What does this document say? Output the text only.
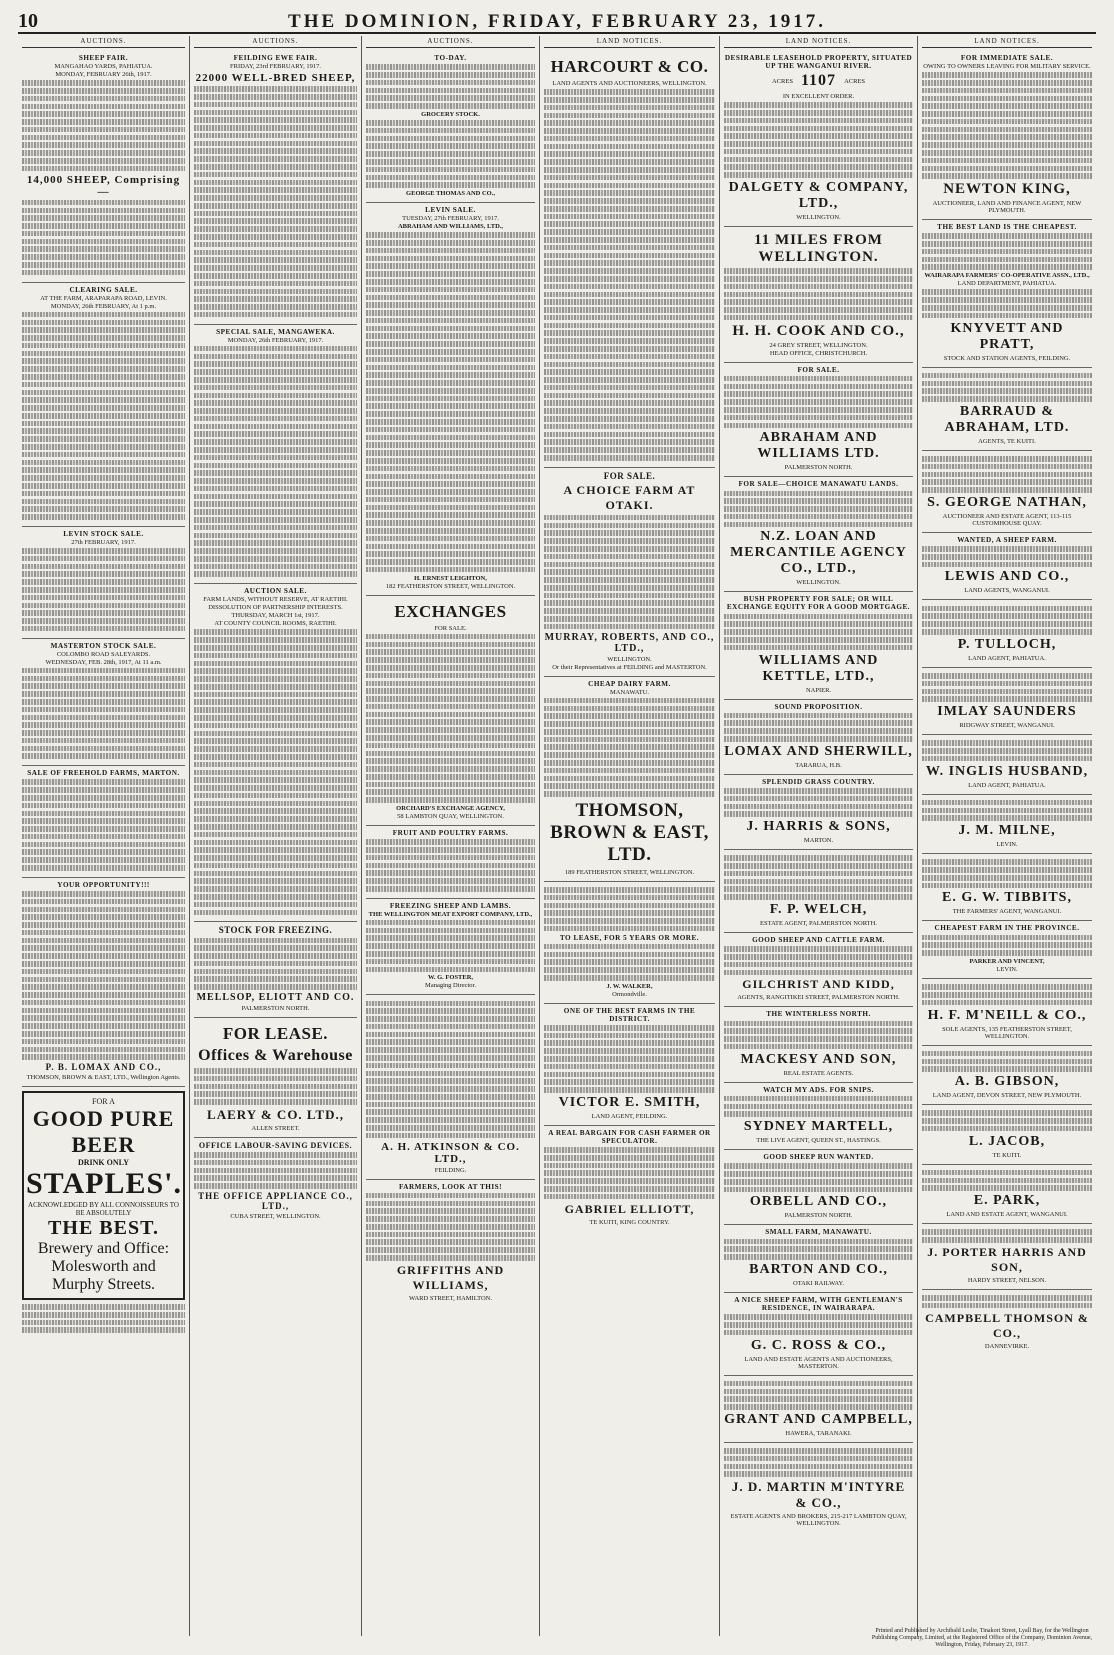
10	THE DOMINION, FRIDAY, FEBRUARY 23, 1917.
AUCTIONS.
SHEEP FAIR.
MANGAHAO YARDS, PAHIATUA.
MONDAY, FEBRUARY 26th, 1917.
14,000 SHEEP, Comprising—
CLEARING SALE.
AT THE FARM, ARAPARAPA ROAD, LEVIN.
MONDAY, 26th FEBRUARY, At 1 p.m.
LEVIN STOCK SALE.
27th FEBRUARY, 1917.
MASTERTON STOCK SALE.
COLOMBO ROAD SALEYARDS.
WEDNESDAY, FEB. 28th, 1917, At 11 a.m.
SALE OF FREEHOLD FARMS, MARTON.
YOUR OPPORTUNITY!!!
P. B. LOMAX AND CO.,
THOMSON, BROWN & EAST, LTD., Wellington Agents.
FOR A
GOOD PURE BEER
DRINK ONLY
STAPLES'.
ACKNOWLEDGED BY ALL CONNOISSEURS TO BE ABSOLUTELY
THE BEST.
Brewery and Office: Molesworth and Murphy Streets.
AUCTIONS.
FEILDING EWE FAIR.
FRIDAY, 23rd FEBRUARY, 1917.
22000 WELL-BRED SHEEP,
SPECIAL SALE, MANGAWEKA.
MONDAY, 26th FEBRUARY, 1917.
AUCTION SALE.
FARM LANDS, WITHOUT RESERVE, AT RAETIHI.
DISSOLUTION OF PARTNERSHIP INTERESTS.
THURSDAY, MARCH 1st, 1917.
AT COUNTY COUNCIL ROOMS, RAETIHI.
STOCK FOR FREEZING.
MELLSOP, ELIOTT AND CO.
PALMERSTON NORTH.
FOR LEASE.
Offices & Warehouse
LAERY & CO. LTD.,
ALLEN STREET.
OFFICE LABOUR-SAVING DEVICES.
THE OFFICE APPLIANCE CO., LTD.,
CUBA STREET, WELLINGTON.
AUCTIONS.
TO-DAY.
GROCERY STOCK.
GEORGE THOMAS AND CO.,
LEVIN SALE.
TUESDAY, 27th FEBRUARY, 1917.
ABRAHAM AND WILLIAMS, LTD.,
H. ERNEST LEIGHTON,
182 FEATHERSTON STREET, WELLINGTON.
EXCHANGES
FOR SALE.
ORCHARD'S EXCHANGE AGENCY,
58 LAMBTON QUAY, WELLINGTON.
FRUIT AND POULTRY FARMS.
FREEZING SHEEP AND LAMBS.
THE WELLINGTON MEAT EXPORT COMPANY, LTD.,
W. G. FOSTER,
Managing Director.
A. H. ATKINSON & CO. LTD.,
FEILDING.
FARMERS, LOOK AT THIS!
GRIFFITHS AND WILLIAMS,
WARD STREET, HAMILTON.
LAND NOTICES.
HARCOURT & CO.
LAND AGENTS AND AUCTIONEERS, WELLINGTON.
FOR SALE.
A CHOICE FARM AT OTAKI.
MURRAY, ROBERTS, AND CO., LTD.,
WELLINGTON.
Or their Representatives at FEILDING and MASTERTON.
CHEAP DAIRY FARM.
MANAWATU.
THOMSON, BROWN & EAST, LTD.
189 FEATHERSTON STREET, WELLINGTON.
TO LEASE, FOR 5 YEARS OR MORE.
J. W. WALKER,
Ormondville.
ONE OF THE BEST FARMS IN THE DISTRICT.
VICTOR E. SMITH,
LAND AGENT, FEILDING.
A REAL BARGAIN FOR CASH FARMER OR SPECULATOR.
GABRIEL ELLIOTT,
TE KUITI, KING COUNTRY.
LAND NOTICES.
DESIRABLE LEASEHOLD PROPERTY, SITUATED UP THE WANGANUI RIVER.
ACRES 1107 ACRES
IN EXCELLENT ORDER.
DALGETY & COMPANY, LTD.,
WELLINGTON.
11 MILES FROM WELLINGTON.
H. H. COOK AND CO.,
24 GREY STREET, WELLINGTON.
HEAD OFFICE, CHRISTCHURCH.
FOR SALE.
ABRAHAM AND WILLIAMS LTD.
PALMERSTON NORTH.
FOR SALE—CHOICE MANAWATU LANDS.
N.Z. LOAN AND MERCANTILE AGENCY CO., LTD.,
WELLINGTON.
BUSH PROPERTY FOR SALE; OR WILL EXCHANGE EQUITY FOR A GOOD MORTGAGE.
WILLIAMS AND KETTLE, LTD.,
NAPIER.
SOUND PROPOSITION.
LOMAX AND SHERWILL,
TARARUA, H.B.
SPLENDID GRASS COUNTRY.
J. HARRIS & SONS,
MARTON.
F. P. WELCH,
ESTATE AGENT, PALMERSTON NORTH.
GOOD SHEEP AND CATTLE FARM.
GILCHRIST AND KIDD,
AGENTS, RANGITIKEI STREET, PALMERSTON NORTH.
THE WINTERLESS NORTH.
MACKESY AND SON,
REAL ESTATE AGENTS.
WATCH MY ADS. FOR SNIPS.
SYDNEY MARTELL,
THE LIVE AGENT, QUEEN ST., HASTINGS.
GOOD SHEEP RUN WANTED.
ORBELL AND CO.,
PALMERSTON NORTH.
SMALL FARM, MANAWATU.
BARTON AND CO.,
OTAKI RAILWAY.
A NICE SHEEP FARM, WITH GENTLEMAN'S RESIDENCE, IN WAIRARAPA.
G. C. ROSS & CO.,
LAND AND ESTATE AGENTS AND AUCTIONEERS, MASTERTON.
GRANT AND CAMPBELL,
HAWERA, TARANAKI.
J. D. MARTIN M'INTYRE & CO.,
ESTATE AGENTS AND BROKERS, 215-217 LAMBTON QUAY, WELLINGTON.
LAND NOTICES.
FOR IMMEDIATE SALE.
OWING TO OWNERS LEAVING FOR MILITARY SERVICE.
NEWTON KING,
AUCTIONEER, LAND AND FINANCE AGENT, NEW PLYMOUTH.
THE BEST LAND IS THE CHEAPEST.
WAIRARAPA FARMERS' CO-OPERATIVE ASSN., LTD.,
LAND DEPARTMENT, PAHIATUA.
KNYVETT AND PRATT,
STOCK AND STATION AGENTS, FEILDING.
BARRAUD & ABRAHAM, LTD.
AGENTS, TE KUITI.
S. GEORGE NATHAN,
AUCTIONEER AND ESTATE AGENT, 113-115 CUSTOMHOUSE QUAY.
WANTED, A SHEEP FARM.
LEWIS AND CO.,
LAND AGENTS, WANGANUI.
P. TULLOCH,
LAND AGENT, PAHIATUA.
IMLAY SAUNDERS
RIDGWAY STREET, WANGANUI.
W. INGLIS HUSBAND,
LAND AGENT, PAHIATUA.
J. M. MILNE,
LEVIN.
E. G. W. TIBBITS,
THE FARMERS' AGENT, WANGANUI.
CHEAPEST FARM IN THE PROVINCE.
PARKER AND VINCENT,
LEVIN.
H. F. M'NEILL & CO.,
SOLE AGENTS, 135 FEATHERSTON STREET, WELLINGTON.
A. B. GIBSON,
LAND AGENT, DEVON STREET, NEW PLYMOUTH.
L. JACOB,
TE KUITI.
E. PARK,
LAND AND ESTATE AGENT, WANGANUI.
J. PORTER HARRIS AND SON,
HARDY STREET, NELSON.
CAMPBELL THOMSON & CO.,
DANNEVIRKE.
Printed and Published by Archibald Leslie, Tinakori Street, Lyall Bay, for the Wellington Publishing Company, Limited, at the Registered Office of the Company, Dominion Avenue, Wellington, Friday, February 23, 1917.
